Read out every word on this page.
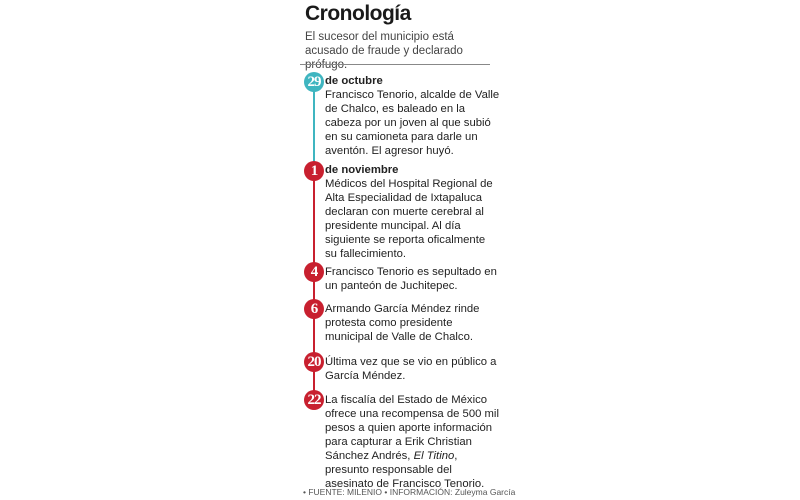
Cronología
El sucesor del municipio está acusado de fraude y declarado prófugo.
29 de octubre
Francisco Tenorio, alcalde de Valle de Chalco, es baleado en la cabeza por un joven al que subió en su camioneta para darle un aventón. El agresor huyó.
1 de noviembre
Médicos del Hospital Regional de Alta Especialidad de Ixtapaluca declaran con muerte cerebral al presidente muncipal. Al día siguiente se reporta oficalmente su fallecimiento.
4 Francisco Tenorio es sepultado en un panteón de Juchitepec.
6 Armando García Méndez rinde protesta como presidente municipal de Valle de Chalco.
20 Última vez que se vio en público a García Méndez.
22 La fiscalía del Estado de México ofrece una recompensa de 500 mil pesos a quien aporte información para capturar a Erik Christian Sánchez Andrés, El Titino, presunto responsable del asesinato de Francisco Tenorio.
• FUENTE: MILENIO • INFORMACIÓN: Zuleyma García
